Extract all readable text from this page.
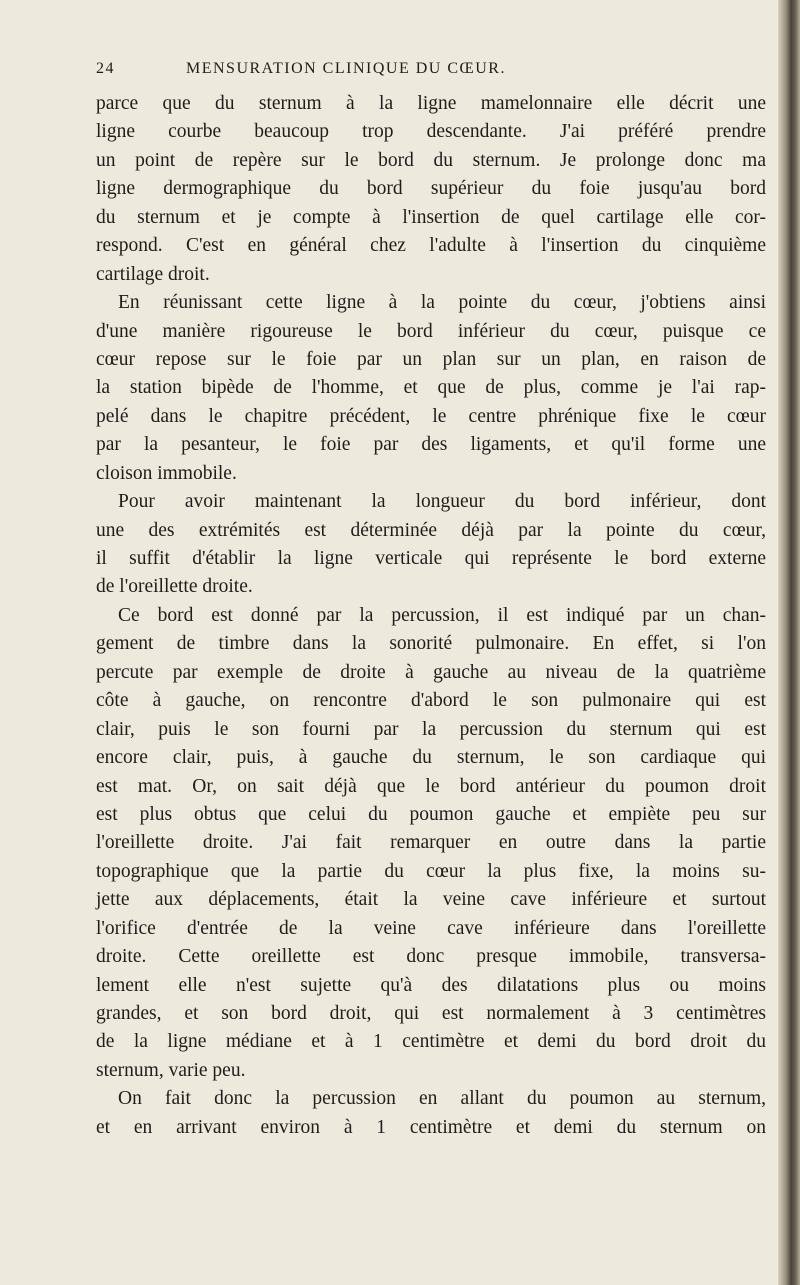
24	MENSURATION CLINIQUE DU CŒUR.
parce que du sternum à la ligne mamelonnaire elle décrit une
ligne courbe beaucoup trop descendante. J'ai préféré prendre
un point de repère sur le bord du sternum. Je prolonge donc ma
ligne dermographique du bord supérieur du foie jusqu'au bord
du sternum et je compte à l'insertion de quel cartilage elle cor-
respond. C'est en général chez l'adulte à l'insertion du cinquième
cartilage droit.
En réunissant cette ligne à la pointe du cœur, j'obtiens ainsi
d'une manière rigoureuse le bord inférieur du cœur, puisque ce
cœur repose sur le foie par un plan sur un plan, en raison de
la station bipède de l'homme, et que de plus, comme je l'ai rap-
pelé dans le chapitre précédent, le centre phrénique fixe le cœur
par la pesanteur, le foie par des ligaments, et qu'il forme une
cloison immobile.
Pour avoir maintenant la longueur du bord inférieur, dont
une des extrémités est déterminée déjà par la pointe du cœur,
il suffit d'établir la ligne verticale qui représente le bord externe
de l'oreillette droite.
Ce bord est donné par la percussion, il est indiqué par un chan-
gement de timbre dans la sonorité pulmonaire. En effet, si l'on
percute par exemple de droite à gauche au niveau de la quatrième
côte à gauche, on rencontre d'abord le son pulmonaire qui est
clair, puis le son fourni par la percussion du sternum qui est
encore clair, puis, à gauche du sternum, le son cardiaque qui
est mat. Or, on sait déjà que le bord antérieur du poumon droit
est plus obtus que celui du poumon gauche et empiète peu sur
l'oreillette droite. J'ai fait remarquer en outre dans la partie
topographique que la partie du cœur la plus fixe, la moins su-
jette aux déplacements, était la veine cave inférieure et surtout
l'orifice d'entrée de la veine cave inférieure dans l'oreillette
droite. Cette oreillette est donc presque immobile, transversa-
lement elle n'est sujette qu'à des dilatations plus ou moins
grandes, et son bord droit, qui est normalement à 3 centimètres
de la ligne médiane et à 1 centimètre et demi du bord droit du
sternum, varie peu.
On fait donc la percussion en allant du poumon au sternum,
et en arrivant environ à 1 centimètre et demi du sternum on
